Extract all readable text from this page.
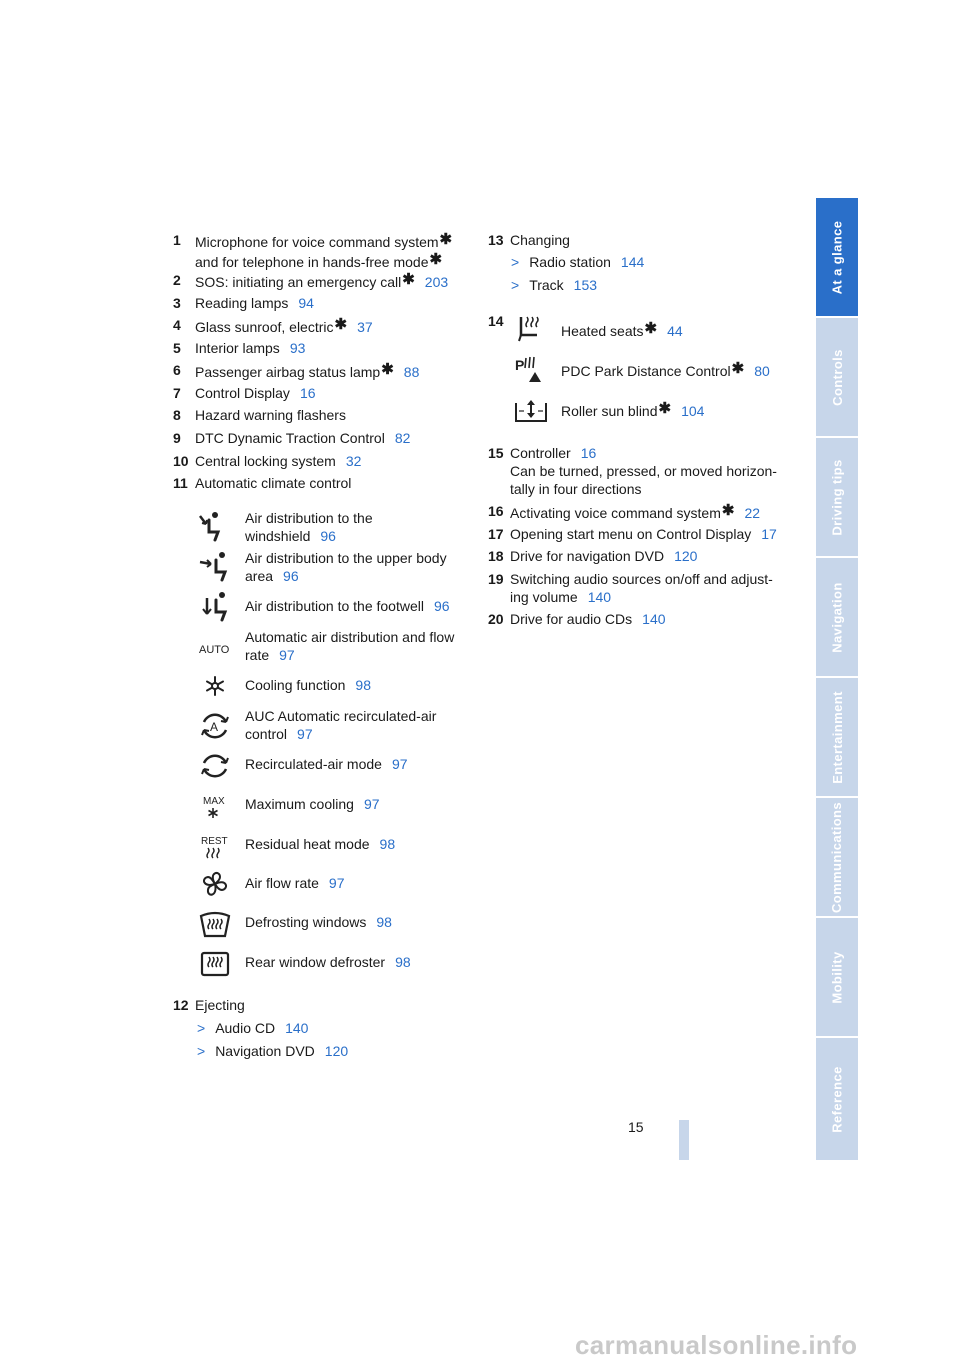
At a glance
Controls
Driving tips
Navigation
Entertainment
Communications
Mobility
Reference
1 Microphone for voice command system✱
and for telephone in hands-free mode✱
2 SOS: initiating an emergency call✱ 203
3 Reading lamps 94
4 Glass sunroof, electric✱ 37
5 Interior lamps 93
6 Passenger airbag status lamp✱ 88
7 Control Display 16
8 Hazard warning flashers
9 DTC Dynamic Traction Control 82
10 Central locking system 32
11 Automatic climate control
Air distribution to the
windshield 96
Air distribution to the upper body
area 96
Air distribution to the footwell 96
AUTO
Automatic air distribution and flow
rate 97
Cooling function 98
A
AUC Automatic recirculated-air
control 97
Recirculated-air mode 97
MAX Maximum cooling 97
REST Residual heat mode 98
Air flow rate 97
Defrosting windows 98
Rear window defroster 98
12 Ejecting
> Audio CD 140
> Navigation DVD 120
13 Changing
> Radio station 144
> Track 153
14
Heated seats✱ 44
P	PDC Park Distance Control✱ 80
Roller sun blind✱ 104
15 Controller 16
Can be turned, pressed, or moved horizon-
tally in four directions
16 Activating voice command system✱ 22
17 Opening start menu on Control Display 17
18 Drive for navigation DVD 120
19 Switching audio sources on/off and adjust-
ing volume 140
20 Drive for audio CDs 140
15
carmanualsonline.info
